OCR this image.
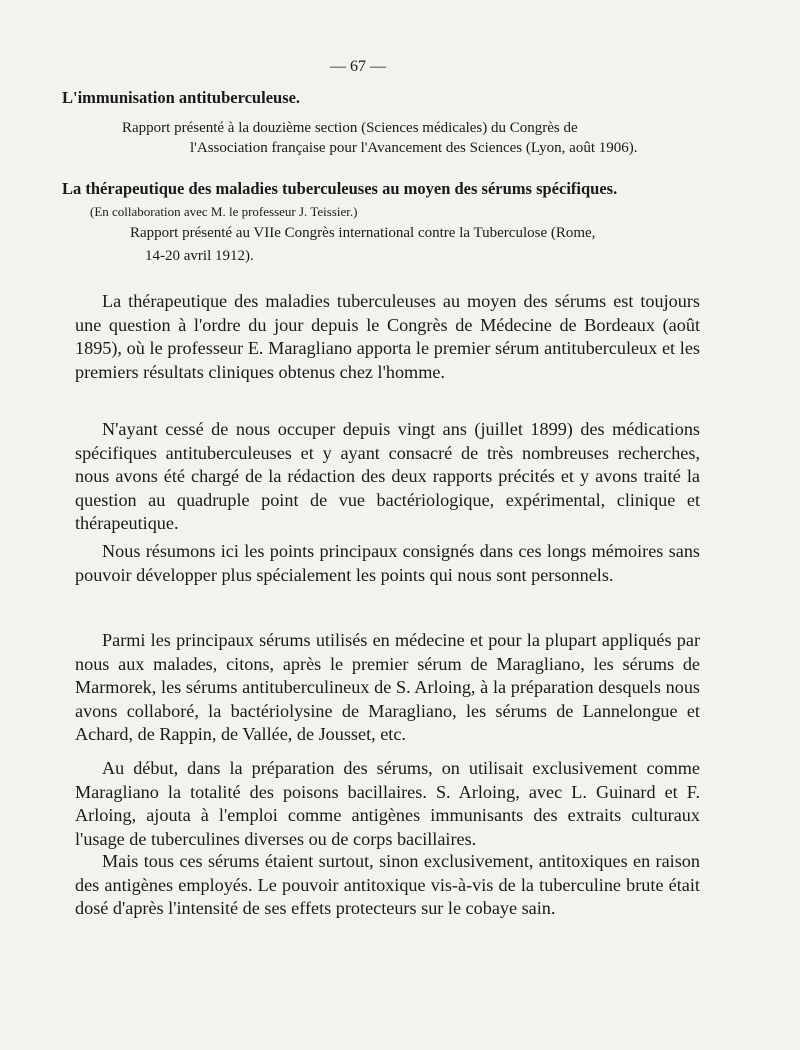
— 67 —
L'immunisation antituberculeuse.
Rapport présenté à la douzième section (Sciences médicales) du Congrès de
l'Association française pour l'Avancement des Sciences (Lyon, août 1906).
La thérapeutique des maladies tuberculeuses au moyen des sérums spécifiques.
(En collaboration avec M. le professeur J. Teissier.)
Rapport présenté au VIIe Congrès international contre la Tuberculose (Rome,
14-20 avril 1912).

La thérapeutique des maladies tuberculeuses au moyen des sérums est toujours une question à l'ordre du jour depuis le Congrès de Médecine de Bordeaux (août 1895), où le professeur E. Maragliano apporta le premier sérum antituberculeux et les premiers résultats cliniques obtenus chez l'homme.

N'ayant cessé de nous occuper depuis vingt ans (juillet 1899) des médications spécifiques antituberculeuses et y ayant consacré de très nombreuses recherches, nous avons été chargé de la rédaction des deux rapports précités et y avons traité la question au quadruple point de vue bactériologique, expérimental, clinique et thérapeutique.

Nous résumons ici les points principaux consignés dans ces longs mémoires sans pouvoir développer plus spécialement les points qui nous sont personnels.

Parmi les principaux sérums utilisés en médecine et pour la plupart appliqués par nous aux malades, citons, après le premier sérum de Maragliano, les sérums de Marmorek, les sérums antituberculineux de S. Arloing, à la préparation desquels nous avons collaboré, la bactériolysine de Maragliano, les sérums de Lannelongue et Achard, de Rappin, de Vallée, de Jousset, etc.

Au début, dans la préparation des sérums, on utilisait exclusivement comme Maragliano la totalité des poisons bacillaires. S. Arloing, avec L. Guinard et F. Arloing, ajouta à l'emploi comme antigènes immunisants des extraits culturaux l'usage de tuberculines diverses ou de corps bacillaires.

Mais tous ces sérums étaient surtout, sinon exclusivement, antitoxiques en raison des antigènes employés. Le pouvoir antitoxique vis-à-vis de la tuberculine brute était dosé d'après l'intensité de ses effets protecteurs sur le cobaye sain.
